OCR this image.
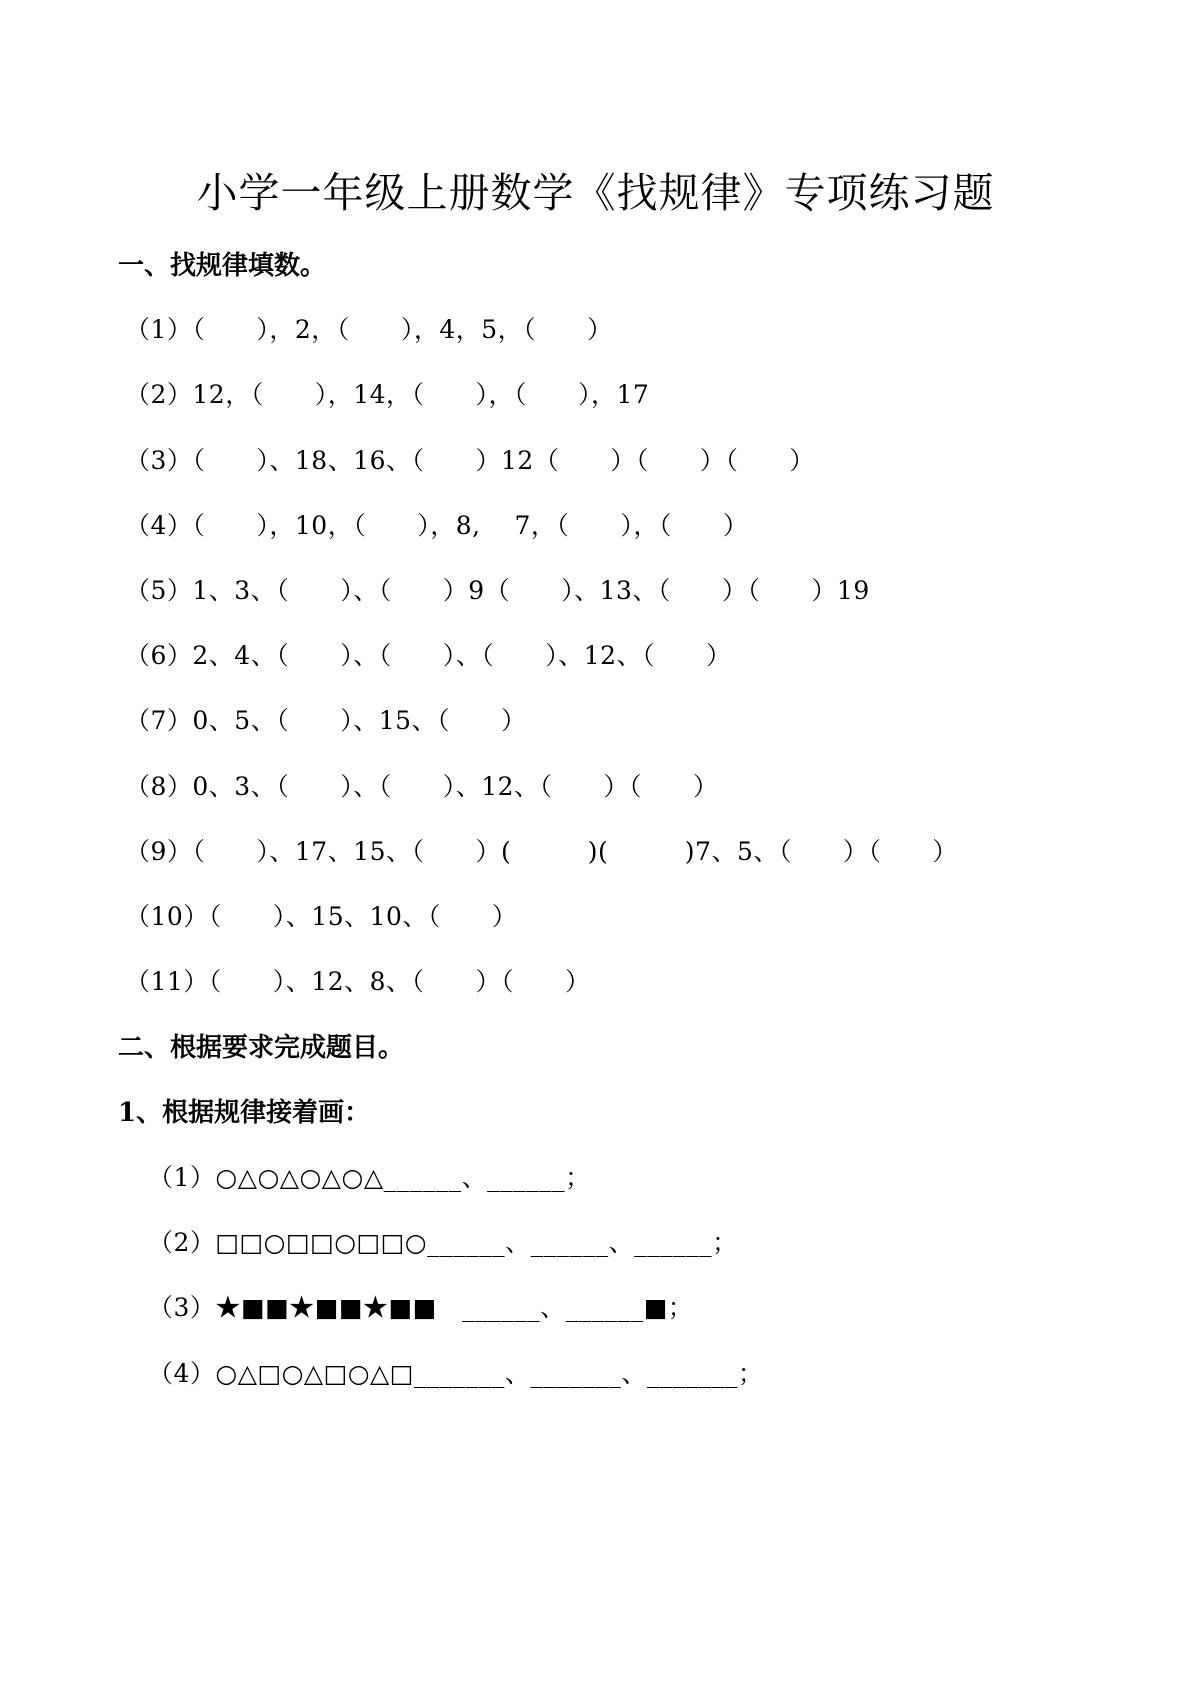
小学一年级上册数学《找规律》专项练习题
一、找规律填数。
（1）（　　），2，（　　），4，5，（　　）
（2）12，（　　），14，（　　），（　　），17
（3）（　　）、18、16、（　　）12（　　）（　　）（　　）
（4）（　　），10，（　　），8,　 7，（　　），（　　）
（5）1、3、（　　）、（　　）9（　　）、13、（　　）（　　）19
（6）2、4、（　　）、（　　）、（　　）、12、（　　）
（7）0、5、（　　）、15、（　　）
（8）0、3、（　　）、（　　）、12、（　　）（　　）
（9）（　　）、17、15、（　　）(　　　)(　　　)7、5、（　　）（　　）
（10）（　　）、15、10、（　　）
（11）（　　）、12、8、（　　）（　　）
二、根据要求完成题目。
1、根据规律接着画：
（1）○△○△○△○△______、______；
（2）□□○□□○□□○______、______、______；
（3）★■■★■■★■■　______、______■；
（4）○△□○△□○△□_______、_______、_______；
